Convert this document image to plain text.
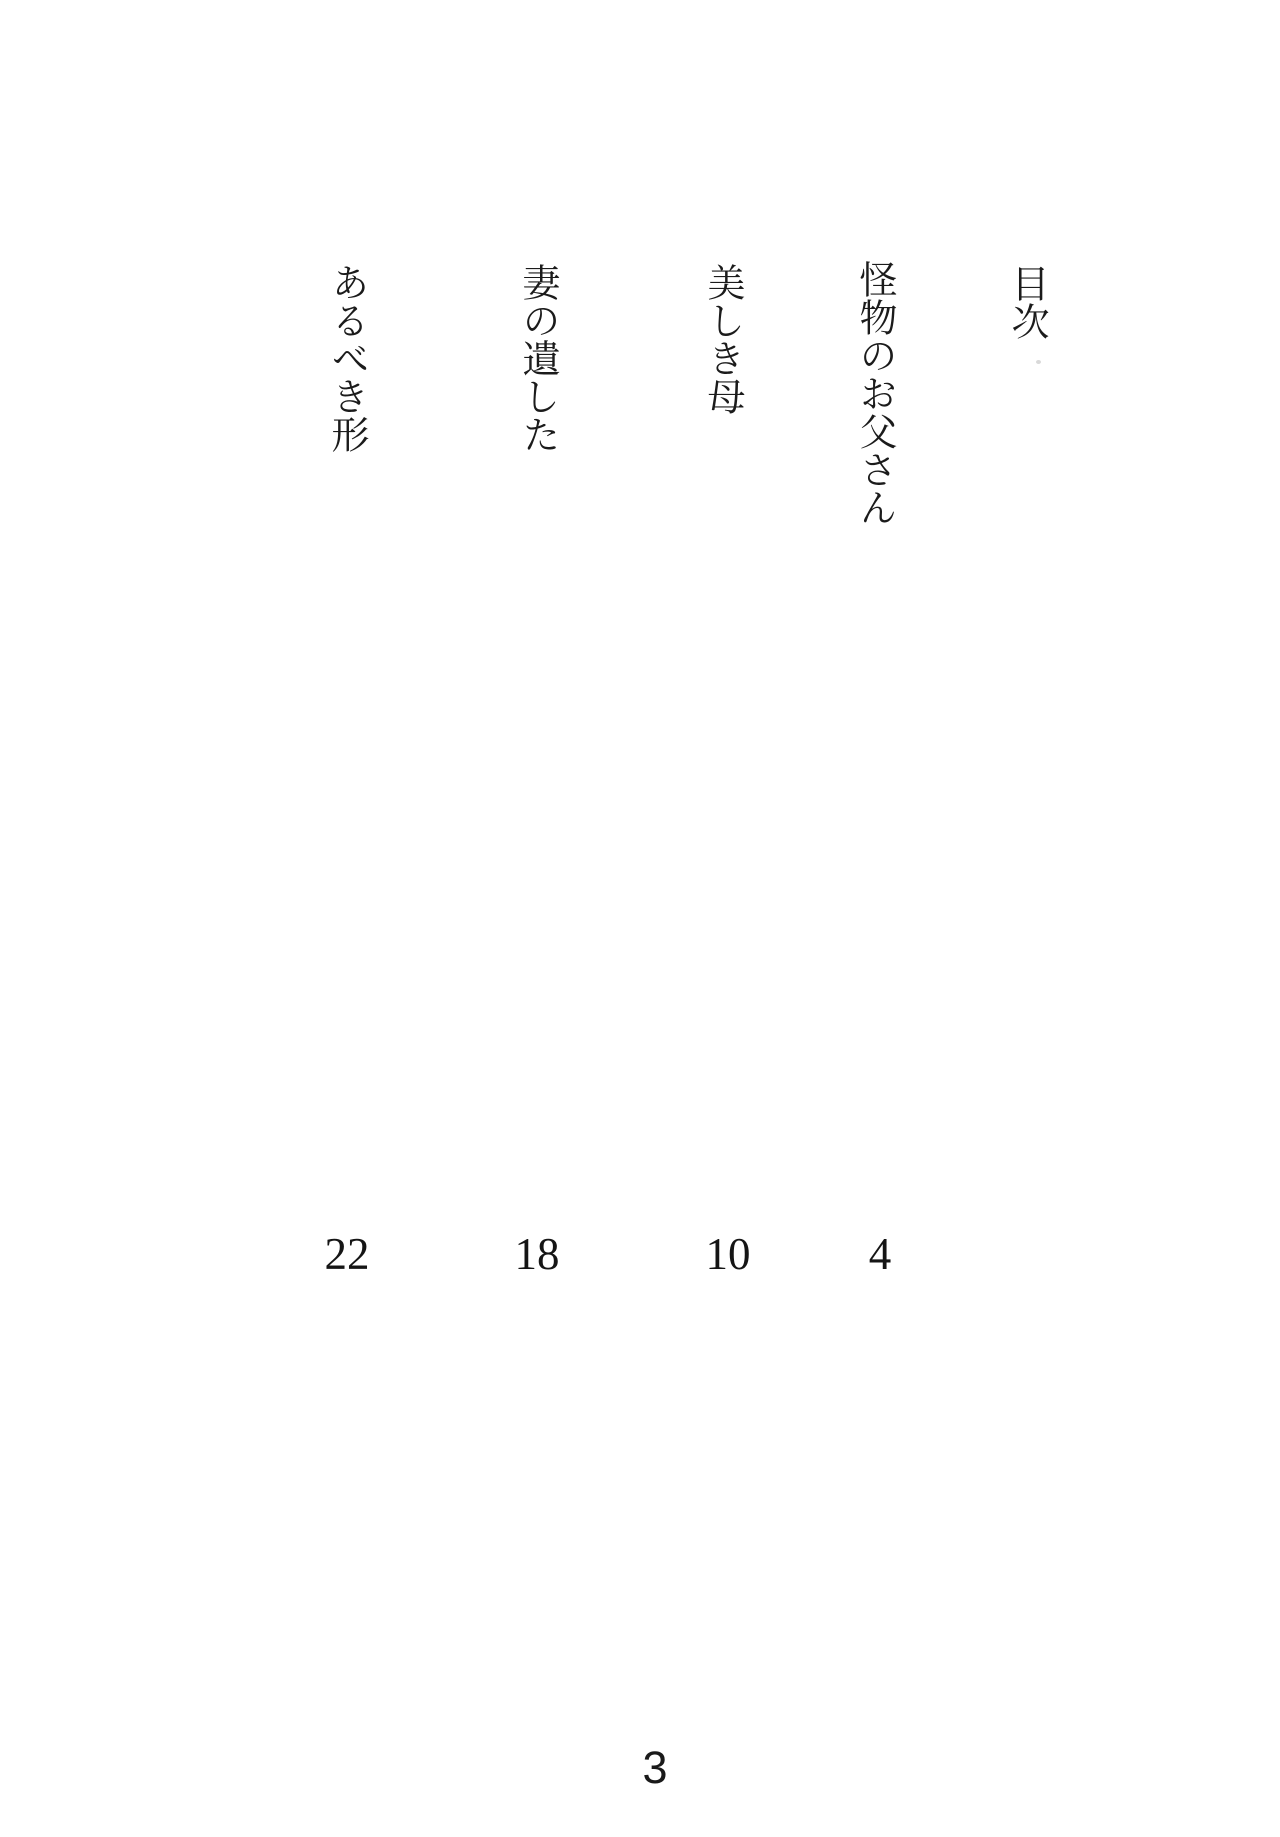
目次
怪物のお父さん
美しき母
妻の遺した
あるべき形
4
10
18
22
3
